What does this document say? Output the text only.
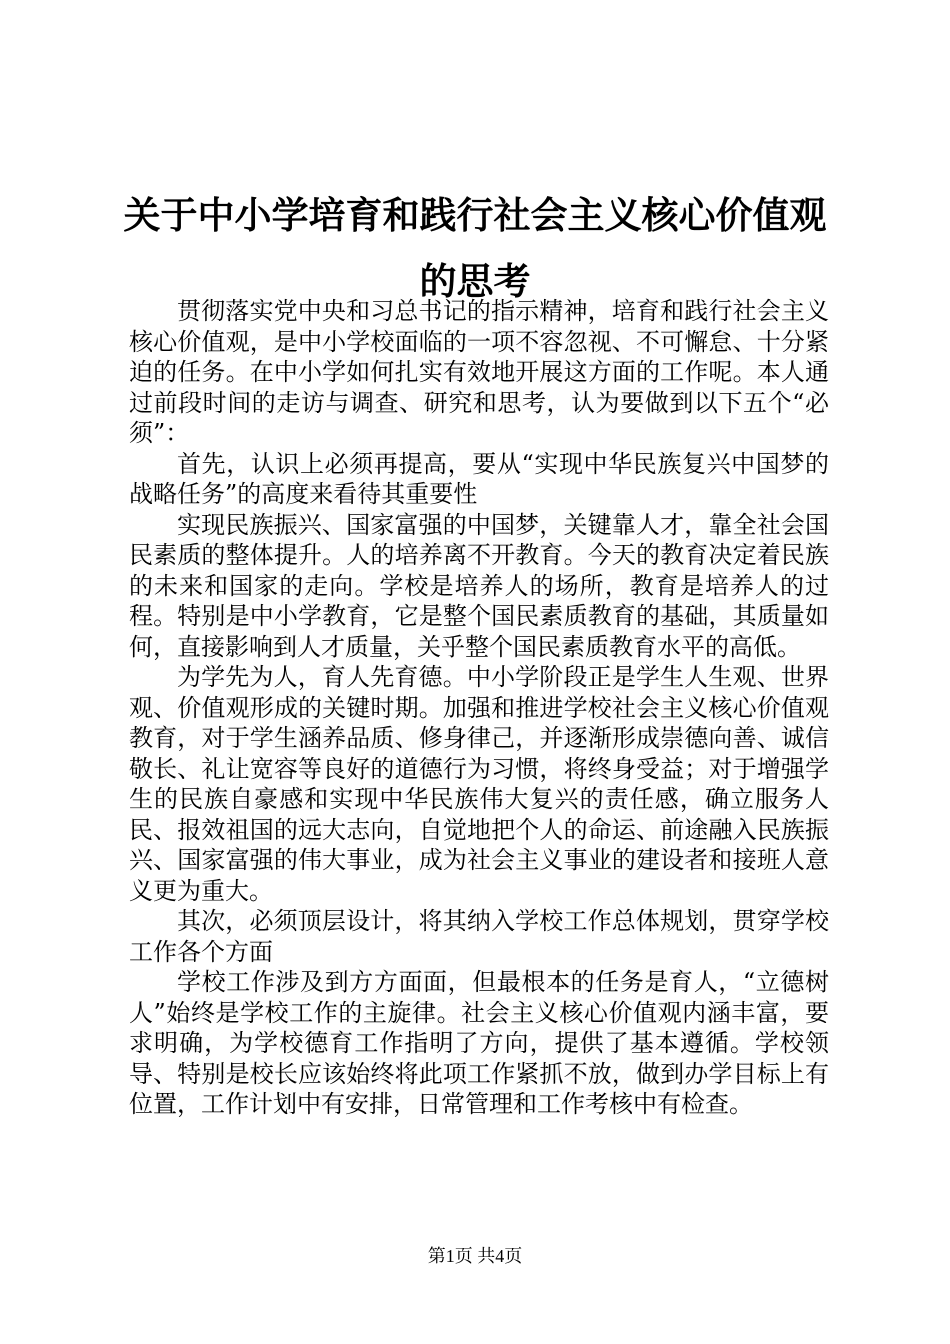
关于中小学培育和践行社会主义核心价值观的思考

贯彻落实党中央和习总书记的指示精神，培育和践行社会主义核心价值观，是中小学校面临的一项不容忽视、不可懈怠、十分紧迫的任务。在中小学如何扎实有效地开展这方面的工作呢。本人通过前段时间的走访与调查、研究和思考，认为要做到以下五个“必须”：

首先，认识上必须再提高，要从“实现中华民族复兴中国梦的战略任务”的高度来看待其重要性

实现民族振兴、国家富强的中国梦，关键靠人才，靠全社会国民素质的整体提升。人的培养离不开教育。今天的教育决定着民族的未来和国家的走向。学校是培养人的场所，教育是培养人的过程。特别是中小学教育，它是整个国民素质教育的基础，其质量如何，直接影响到人才质量，关乎整个国民素质教育水平的高低。

为学先为人，育人先育德。中小学阶段正是学生人生观、世界观、价值观形成的关键时期。加强和推进学校社会主义核心价值观教育，对于学生涵养品质、修身律己，并逐渐形成崇德向善、诚信敬长、礼让宽容等良好的道德行为习惯，将终身受益；对于增强学生的民族自豪感和实现中华民族伟大复兴的责任感，确立服务人民、报效祖国的远大志向，自觉地把个人的命运、前途融入民族振兴、国家富强的伟大事业，成为社会主义事业的建设者和接班人意义更为重大。

其次，必须顶层设计，将其纳入学校工作总体规划，贯穿学校工作各个方面

学校工作涉及到方方面面，但最根本的任务是育人，“立德树人”始终是学校工作的主旋律。社会主义核心价值观内涵丰富，要求明确，为学校德育工作指明了方向，提供了基本遵循。学校领导、特别是校长应该始终将此项工作紧抓不放，做到办学目标上有位置，工作计划中有安排，日常管理和工作考核中有检查。

第1页 共4页
